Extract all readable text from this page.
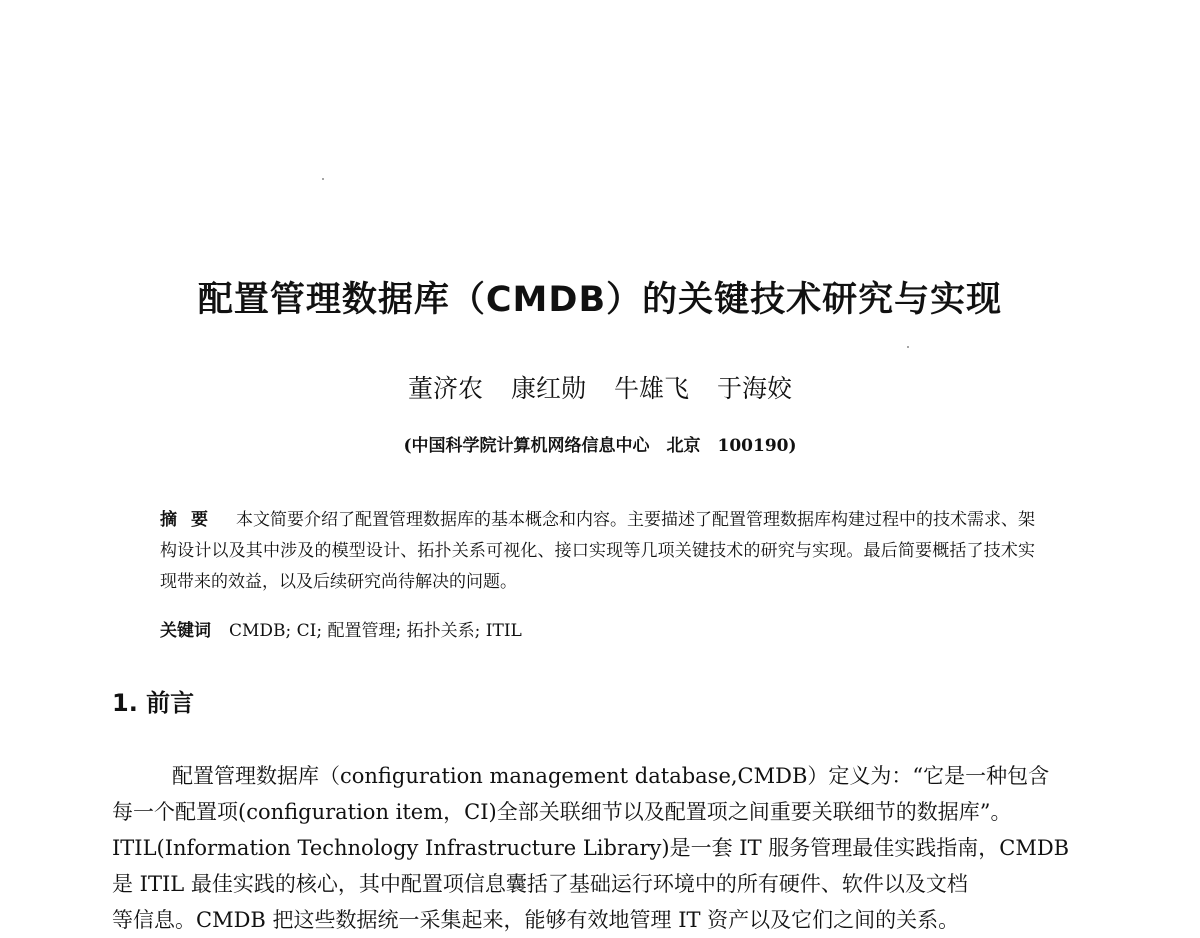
配置管理数据库（CMDB）的关键技术研究与实现
董济农 康红勋 牛雄飞 于海姣
(中国科学院计算机网络信息中心　北京　100190)
摘要 本文简要介绍了配置管理数据库的基本概念和内容。主要描述了配置管理数据库构建过程中的技术需求、架构设计以及其中涉及的模型设计、拓扑关系可视化、接口实现等几项关键技术的研究与实现。最后简要概括了技术实现带来的效益，以及后续研究尚待解决的问题。
关键词 CMDB; CI; 配置管理; 拓扑关系; ITIL
1. 前言
配置管理数据库（configuration management database,CMDB）定义为：“它是一种包含
每一个配置项(configuration item，CI)全部关联细节以及配置项之间重要关联细节的数据库”。
ITIL(Information Technology Infrastructure Library)是一套 IT 服务管理最佳实践指南，CMDB
是 ITIL 最佳实践的核心，其中配置项信息囊括了基础运行环境中的所有硬件、软件以及文档
等信息。CMDB 把这些数据统一采集起来，能够有效地管理 IT 资产以及它们之间的关系。
